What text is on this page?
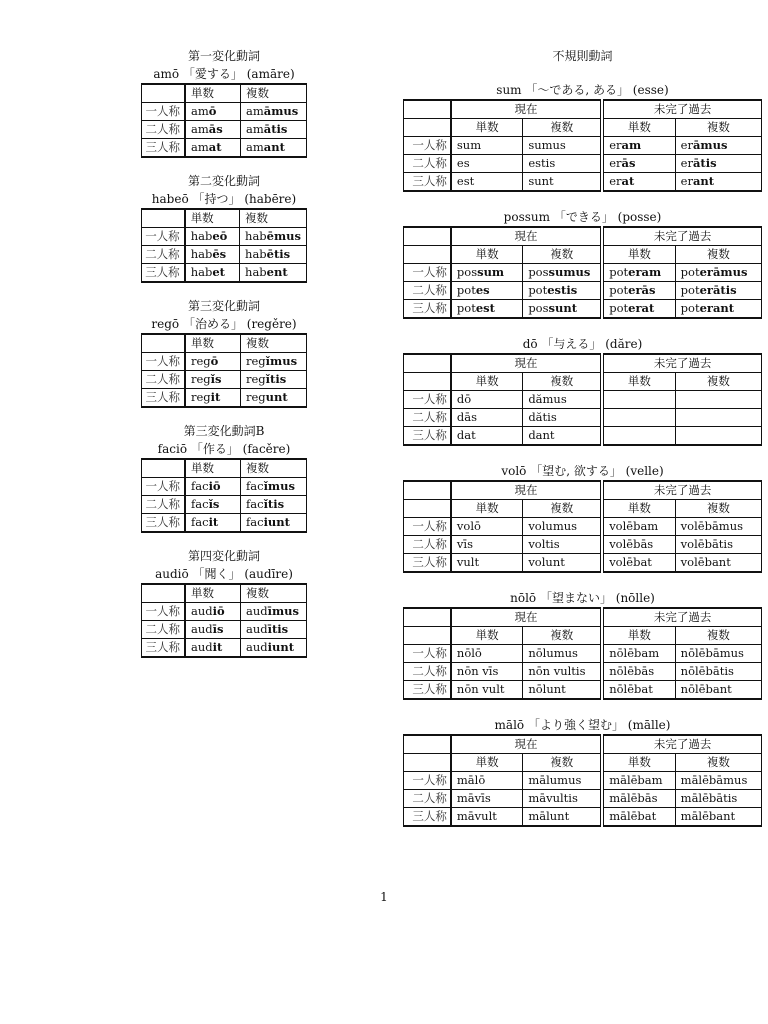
第一変化動詞
amō 「愛する」 (amāre)
	単数	複数
一人称	amō	amāmus
二人称	amās	amātis
三人称	amat	amant
第二変化動詞
habeō 「持つ」 (habēre)
	単数	複数
一人称	habeō	habēmus
二人称	habēs	habētis
三人称	habet	habent
第三変化動詞
regō 「治める」 (regěre)
	単数	複数
一人称	regō	regǐmus
二人称	regǐs	regǐtis
三人称	regit	regunt
第三変化動詞B
faciō 「作る」 (facěre)
	単数	複数
一人称	faciō	facǐmus
二人称	facǐs	facǐtis
三人称	facit	faciunt
第四変化動詞
audiō 「聞く」 (audīre)
	単数	複数
一人称	audiō	audīmus
二人称	audīs	audītis
三人称	audit	audiunt
不規則動詞
sum 「～である, ある」 (esse)
	現在		未完了過去	
	単数	複数	単数	複数
一人称	sum	sumus	eram	erāmus
二人称	es	estis	erās	erātis
三人称	est	sunt	erat	erant
possum 「できる」 (posse)
	現在		未完了過去	
	単数	複数	単数	複数
一人称	possum	possumus	poteram	poterāmus
二人称	potes	potestis	poterās	poterātis
三人称	potest	possunt	poterat	poterant
dō 「与える」 (dăre)
	現在		未完了過去	
	単数	複数	単数	複数
一人称	dō	dămus		
二人称	dās	dătis		
三人称	dat	dant		
volō 「望む, 欲する」 (velle)
	現在		未完了過去	
	単数	複数	単数	複数
一人称	volō	volumus	volēbam	volēbāmus
二人称	vīs	voltis	volēbās	volēbātis
三人称	vult	volunt	volēbat	volēbant
nōlō 「望まない」 (nōlle)
	現在		未完了過去	
	単数	複数	単数	複数
一人称	nōlō	nōlumus	nōlēbam	nōlēbāmus
二人称	nōn vīs	nōn vultis	nōlēbās	nōlēbātis
三人称	nōn vult	nōlunt	nōlēbat	nōlēbant
mālō 「より強く望む」 (mālle)
	現在		未完了過去	
	単数	複数	単数	複数
一人称	mālō	mālumus	mālēbam	mālēbāmus
二人称	māvīs	māvultis	mālēbās	mālēbātis
三人称	māvult	mālunt	mālēbat	mālēbant
1
